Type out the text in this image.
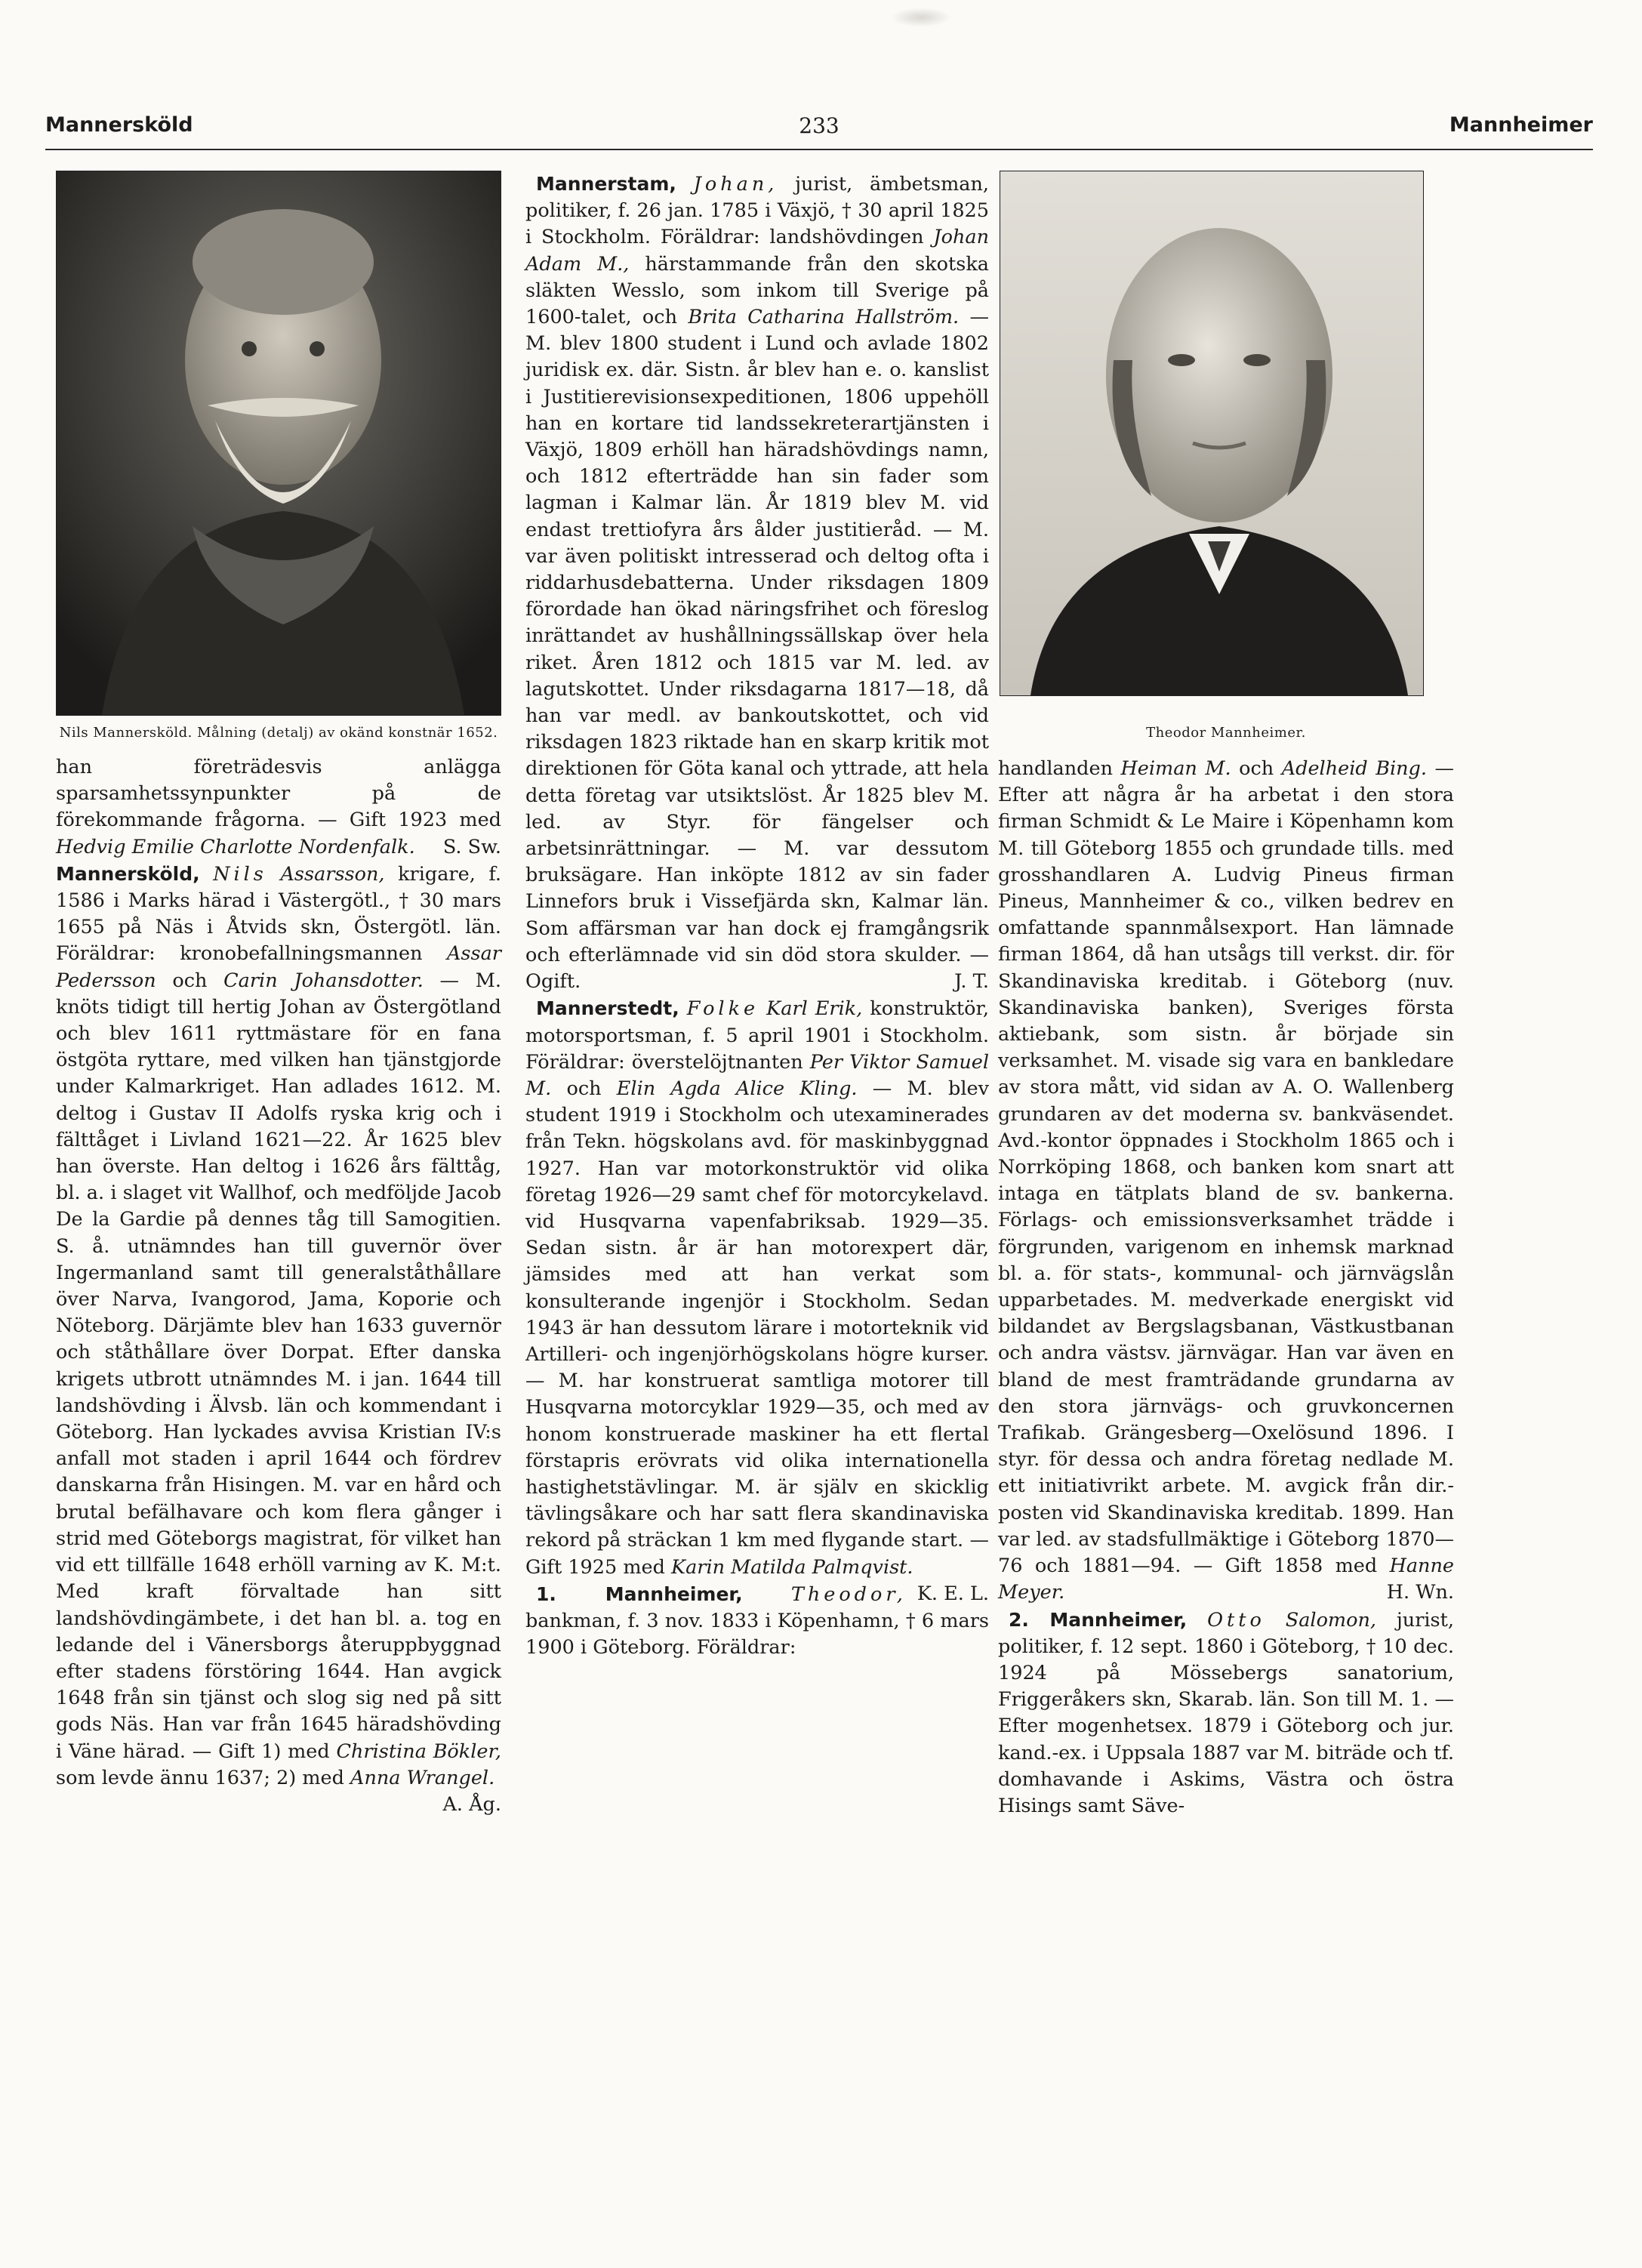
233
Mannersköld	Mannheimer
Nils Mannersköld. Målning (detalj) av okänd konstnär 1652.

han företrädesvis anlägga sparsamhetssynpunkter på de förekommande frågorna. — Gift 1923 med Hedvig Emilie Charlotte Nordenfalk. S. Sw.

Mannersköld, Nils Assarsson, krigare, f. 1586 i Marks härad i Västergötl., † 30 mars 1655 på Näs i Åtvids skn, Östergötl. län. Föräldrar: kronobefallningsmannen Assar Pedersson och Carin Johansdotter. — M. knöts tidigt till hertig Johan av Östergötland och blev 1611 ryttmästare för en fana östgöta ryttare, med vilken han tjänstgjorde under Kalmarkriget. Han adlades 1612. M. deltog i Gustav II Adolfs ryska krig och i fälttåget i Livland 1621—22. År 1625 blev han överste. Han deltog i 1626 års fälttåg, bl. a. i slaget vit Wallhof, och medföljde Jacob De la Gardie på dennes tåg till Samogitien. S. å. utnämndes han till guvernör över Ingermanland samt till generalståthållare över Narva, Ivangorod, Jama, Koporie och Nöteborg. Därjämte blev han 1633 guvernör och ståthållare över Dorpat. Efter danska krigets utbrott utnämndes M. i jan. 1644 till landshövding i Älvsb. län och kommendant i Göteborg. Han lyckades avvisa Kristian IV:s anfall mot staden i april 1644 och fördrev danskarna från Hisingen. M. var en hård och brutal befälhavare och kom flera gånger i strid med Göteborgs magistrat, för vilket han vid ett tillfälle 1648 erhöll varning av K. M:t. Med kraft förvaltade han sitt landshövdingämbete, i det han bl. a. tog en ledande del i Vänersborgs återuppbyggnad efter stadens förstöring 1644. Han avgick 1648 från sin tjänst och slog sig ned på sitt gods Näs. Han var från 1645 häradshövding i Väne härad. — Gift 1) med Christina Bökler, som levde ännu 1637; 2) med Anna Wrangel.
A. Åg.

Mannerstam, Johan, jurist, ämbetsman, politiker, f. 26 jan. 1785 i Växjö, † 30 april 1825 i Stockholm. Föräldrar: landshövdingen Johan Adam M., härstammande från den skotska släkten Wesslo, som inkom till Sverige på 1600-talet, och Brita Catharina Hallström. — M. blev 1800 student i Lund och avlade 1802 juridisk ex. där. Sistn. år blev han e. o. kanslist i Justitierevisionsexpeditionen, 1806 uppehöll han en kortare tid landssekreterartjänsten i Växjö, 1809 erhöll han häradshövdings namn, och 1812 efterträdde han sin fader som lagman i Kalmar län. År 1819 blev M. vid endast trettiofyra års ålder justitieråd. — M. var även politiskt intresserad och deltog ofta i riddarhusdebatterna. Under riksdagen 1809 förordade han ökad näringsfrihet och föreslog inrättandet av hushållningssällskap över hela riket. Åren 1812 och 1815 var M. led. av lagutskottet. Under riksdagarna 1817—18, då han var medl. av bankoutskottet, och vid riksdagen 1823 riktade han en skarp kritik mot direktionen för Göta kanal och yttrade, att hela detta företag var utsiktslöst. År 1825 blev M. led. av Styr. för fängelser och arbetsinrättningar. — M. var dessutom bruksägare. Han inköpte 1812 av sin fader Linnefors bruk i Vissefjärda skn, Kalmar län. Som affärsman var han dock ej framgångsrik och efterlämnade vid sin död stora skulder. — Ogift.	J. T.

Mannerstedt, Folke Karl Erik, konstruktör, motorsportsman, f. 5 april 1901 i Stockholm. Föräldrar: överstelöjtnanten Per Viktor Samuel M. och Elin Agda Alice Kling. — M. blev student 1919 i Stockholm och utexaminerades från Tekn. högskolans avd. för maskinbyggnad 1927. Han var motorkonstruktör vid olika företag 1926—29 samt chef för motorcykelavd. vid Husqvarna vapenfabriksab. 1929—35. Sedan sistn. år är han motorexpert där, jämsides med att han verkat som konsulterande ingenjör i Stockholm. Sedan 1943 är han dessutom lärare i motorteknik vid Artilleri- och ingenjörhögskolans högre kurser. — M. har konstruerat samtliga motorer till Husqvarna motorcyklar 1929—35, och med av honom konstruerade maskiner ha ett flertal förstapris erövrats vid olika internationella hastighetstävlingar. M. är själv en skicklig tävlingsåkare och har satt flera skandinaviska rekord på sträckan 1 km med flygande start. — Gift 1925 med Karin Matilda Palmqvist.
K. E. L.

1. Mannheimer,	Theodor, bankman, f. 3 nov. 1833 i Köpenhamn, † 6 mars 1900 i Göteborg. Föräldrar:

Theodor Mannheimer.

handlanden Heiman M. och Adelheid Bing. — Efter att några år ha arbetat i den stora firman Schmidt & Le Maire i Köpenhamn kom M. till Göteborg 1855 och grundade tills. med grosshandlaren A. Ludvig Pineus firman Pineus, Mannheimer & co., vilken bedrev en omfattande spannmålsexport. Han lämnade firman 1864, då han utsågs till verkst. dir. för Skandinaviska kreditab. i Göteborg (nuv. Skandinaviska banken), Sveriges första aktiebank, som sistn. år började sin verksamhet. M. visade sig vara en bankledare av stora mått, vid sidan av A. O. Wallenberg grundaren av det moderna sv. bankväsendet. Avd.-kontor öppnades i Stockholm 1865 och i Norrköping 1868, och banken kom snart att intaga en tätplats bland de sv. bankerna. Förlags- och emissionsverksamhet trädde i förgrunden, varigenom en inhemsk marknad bl. a. för stats-, kommunal- och järnvägslån upparbetades. M. medverkade energiskt vid bildandet av Bergslagsbanan, Västkustbanan och andra västsv. järnvägar. Han var även en bland de mest framträdande grundarna av den stora järnvägs- och gruvkoncernen Trafikab. Grängesberg—Oxelösund 1896. I styr. för dessa och andra företag nedlade M. ett initiativrikt arbete. M. avgick från dir.-posten vid Skandinaviska kreditab. 1899. Han var led. av stadsfullmäktige i Göteborg 1870—76 och 1881—94. — Gift 1858 med Hanne Meyer.	H. Wn.

2. Mannheimer, Otto Salomon, jurist, politiker, f. 12 sept. 1860 i Göteborg, † 10 dec. 1924 på Mössebergs sanatorium, Friggeråkers skn, Skarab. län. Son till M. 1. — Efter mogenhetsex. 1879 i Göteborg och jur. kand.-ex. i Uppsala 1887 var M. biträde och tf. domhavande i Askims, Västra och östra Hisings samt Säve-
